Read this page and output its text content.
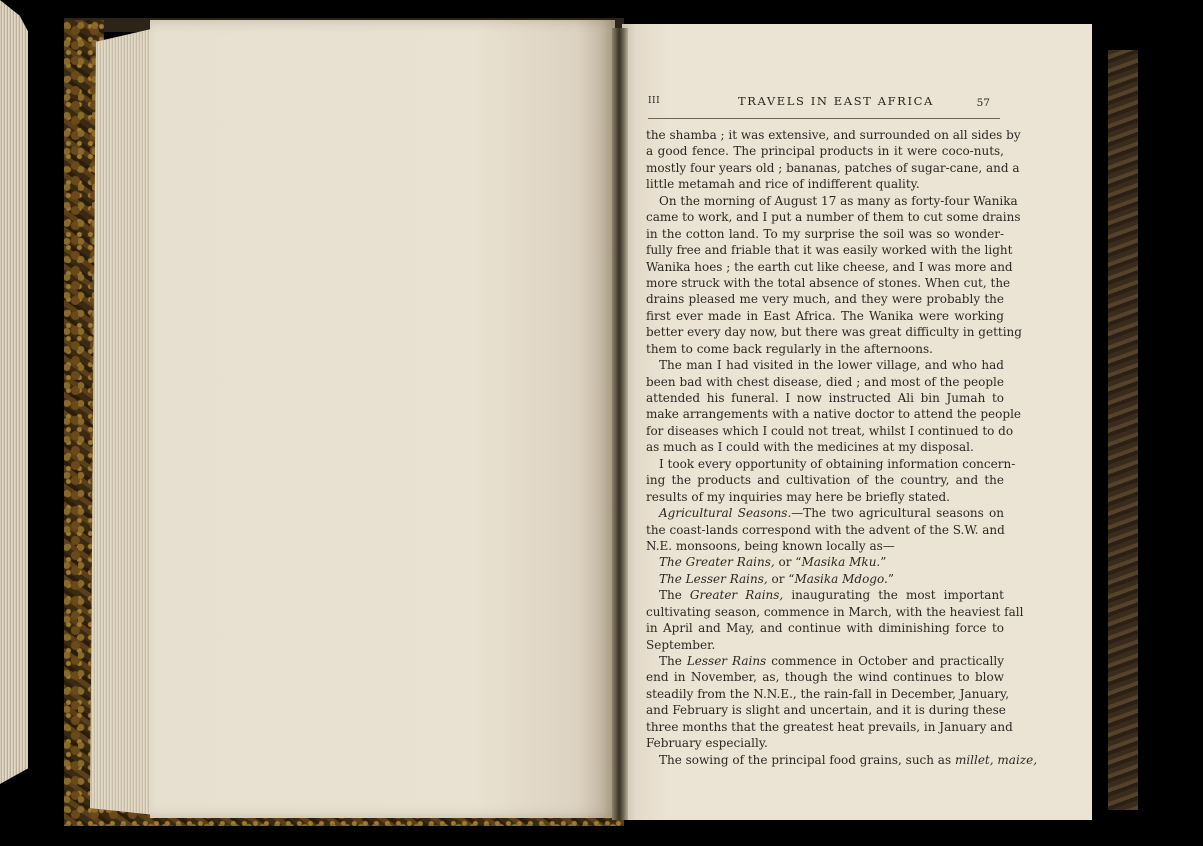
III	TRAVELS IN EAST AFRICA	57
the shamba ; it was extensive, and surrounded on all sides by
a good fence. The principal products in it were coco-nuts,
mostly four years old ; bananas, patches of sugar-cane, and a
little metamah and rice of indifferent quality.
On the morning of August 17 as many as forty-four Wanika
came to work, and I put a number of them to cut some drains
in the cotton land. To my surprise the soil was so wonder-
fully free and friable that it was easily worked with the light
Wanika hoes ; the earth cut like cheese, and I was more and
more struck with the total absence of stones. When cut, the
drains pleased me very much, and they were probably the
first ever made in East Africa. The Wanika were working
better every day now, but there was great difficulty in getting
them to come back regularly in the afternoons.
The man I had visited in the lower village, and who had
been bad with chest disease, died ; and most of the people
attended his funeral. I now instructed Ali bin Jumah to
make arrangements with a native doctor to attend the people
for diseases which I could not treat, whilst I continued to do
as much as I could with the medicines at my disposal.
I took every opportunity of obtaining information concern-
ing the products and cultivation of the country, and the
results of my inquiries may here be briefly stated.
Agricultural Seasons.—The two agricultural seasons on
the coast-lands correspond with the advent of the S.W. and
N.E. monsoons, being known locally as—
The Greater Rains, or “Masika Mku.”
The Lesser Rains, or “Masika Mdogo.”
The Greater Rains, inaugurating the most important
cultivating season, commence in March, with the heaviest fall
in April and May, and continue with diminishing force to
September.
The Lesser Rains commence in October and practically
end in November, as, though the wind continues to blow
steadily from the N.N.E., the rain-fall in December, January,
and February is slight and uncertain, and it is during these
three months that the greatest heat prevails, in January and
February especially.
The sowing of the principal food grains, such as millet, maize,
